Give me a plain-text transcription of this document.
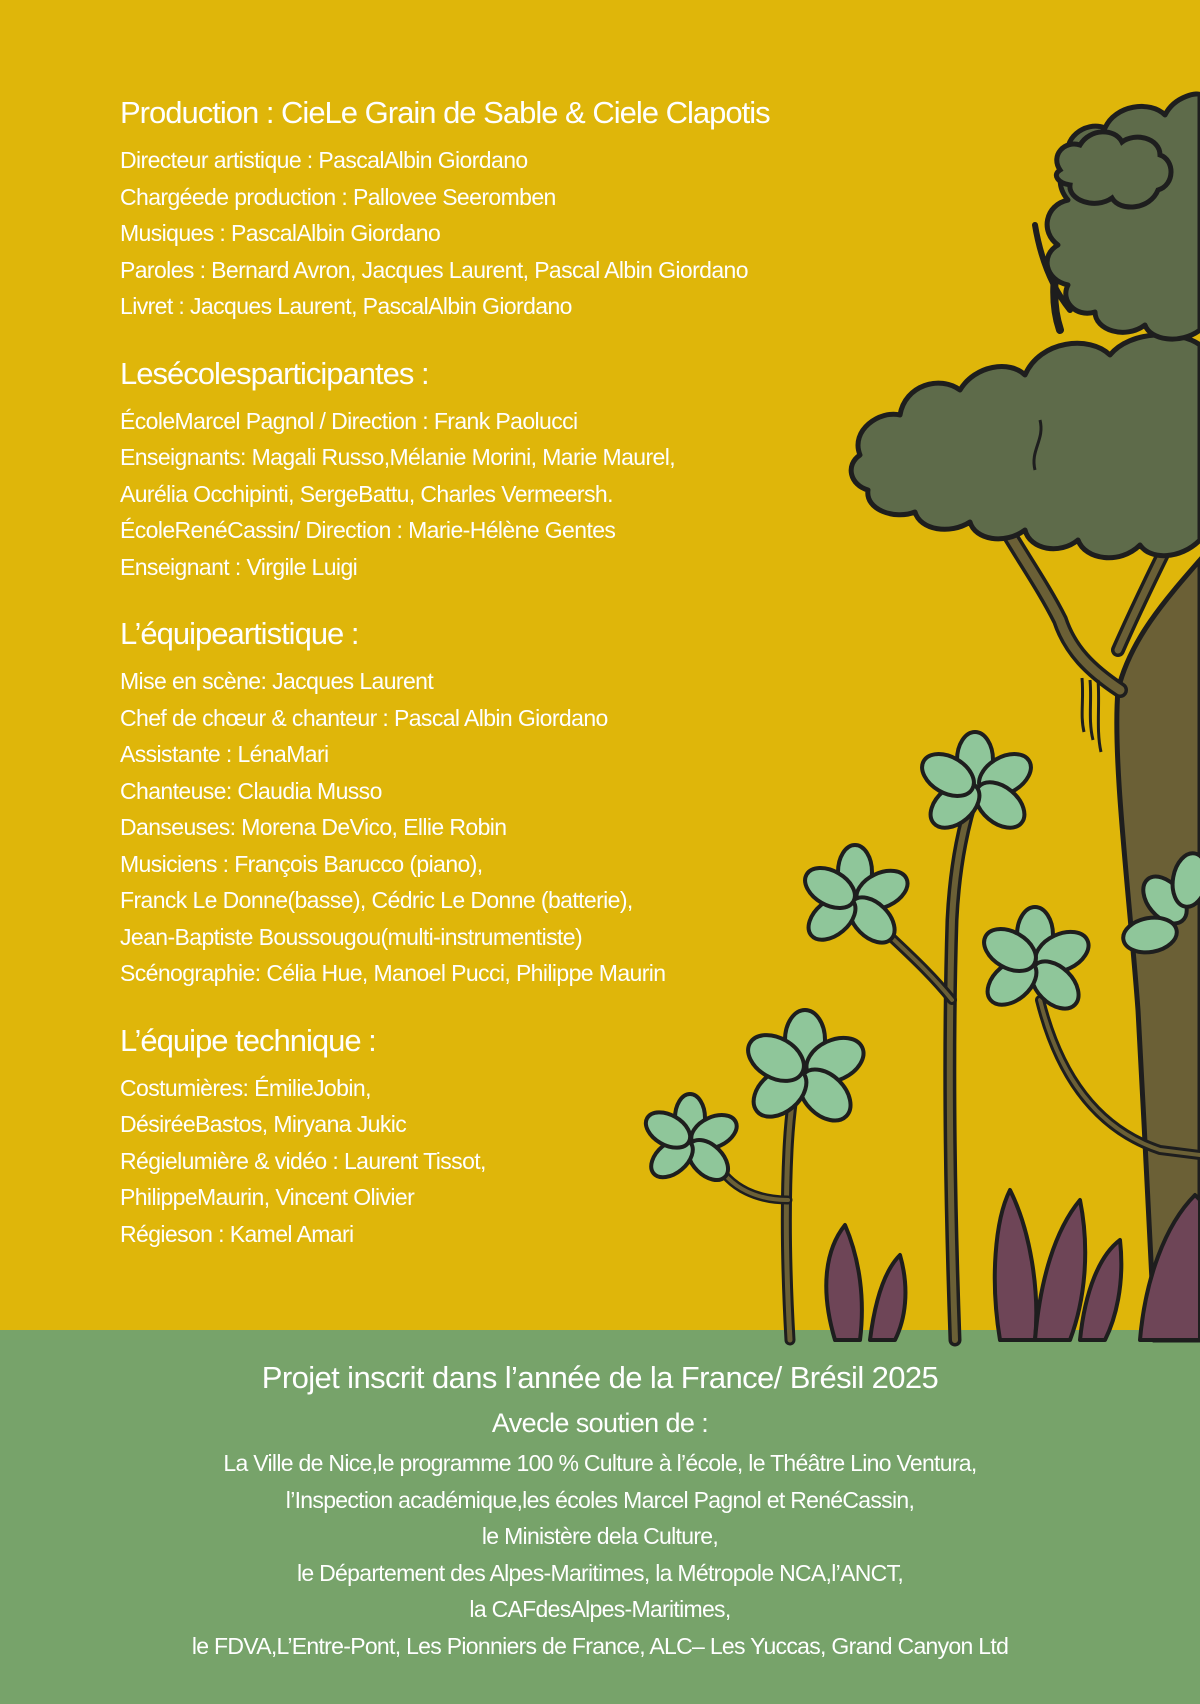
Production : CieLe Grain de Sable & Ciele Clapotis
Directeur artistique : PascalAlbin Giordano
Chargéede production : Pallovee Seeromben
Musiques : PascalAlbin Giordano
Paroles : Bernard Avron, Jacques Laurent, Pascal Albin Giordano
Livret : Jacques Laurent, PascalAlbin Giordano
Lesécolesparticipantes :
ÉcoleMarcel Pagnol / Direction : Frank Paolucci
Enseignants: Magali Russo,Mélanie Morini, Marie Maurel,
Aurélia Occhipinti, SergeBattu, Charles Vermeersh.
ÉcoleRenéCassin/ Direction : Marie-Hélène Gentes
Enseignant : Virgile Luigi
L’équipeartistique :
Mise en scène: Jacques Laurent
Chef de chœur & chanteur : Pascal Albin Giordano
Assistante : LénaMari
Chanteuse: Claudia Musso
Danseuses: Morena DeVico, Ellie Robin
Musiciens : François Barucco (piano),
Franck Le Donne(basse), Cédric Le Donne (batterie),
Jean-Baptiste Boussougou(multi-instrumentiste)
Scénographie: Célia Hue, Manoel Pucci, Philippe Maurin
L’équipe technique :
Costumières: ÉmilieJobin,
DésiréeBastos, Miryana Jukic
Régielumière & vidéo : Laurent Tissot,
PhilippeMaurin, Vincent Olivier
Régieson : Kamel Amari
Projet inscrit dans l’année de la France/ Brésil 2025
Avecle soutien de :
La Ville de Nice,le programme 100 % Culture à l’école, le Théâtre Lino Ventura,
l’Inspection académique,les écoles Marcel Pagnol et RenéCassin,
le Ministère dela Culture,
le Département des Alpes-Maritimes, la Métropole NCA,l’ANCT,
la CAFdesAlpes-Maritimes,
le FDVA,L’Entre-Pont, Les Pionniers de France, ALC– Les Yuccas, Grand Canyon Ltd
